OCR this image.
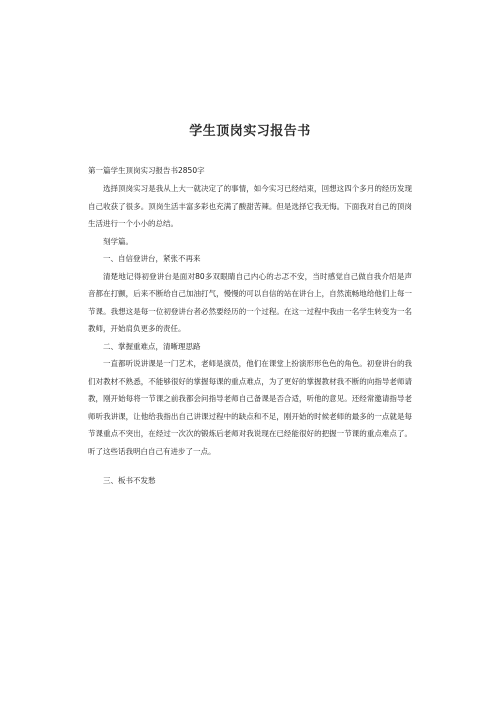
学生顶岗实习报告书

第一篇学生顶岗实习报告书2850字

选择顶岗实习是我从上大一就决定了的事情，如今实习已经结束，回想这四个多月的经历发现自己收获了很多。顶岗生活丰富多彩也充满了酸甜苦辣。但是选择它我无悔。下面我对自己的顶岗生活进行一个小小的总结。

刻学篇。

一、自信登讲台，紧张不再来

清楚地记得初登讲台是面对80多双眼睛自己内心的忐忑不安，当时感觉自己做自我介绍是声音都在打颤，后来不断给自己加油打气，慢慢的可以自信的站在讲台上，自然流畅地给他们上每一节课。我想这是每一位初登讲台者必然要经历的一个过程。在这一过程中我由一名学生转变为一名教师，开始肩负更多的责任。

二、掌握重难点，清晰理思路

一直都听说讲课是一门艺术，老师是演员，他们在课堂上扮演形形色色的角色。初登讲台的我们对教材不熟悉，不能够很好的掌握每课的重点难点，为了更好的掌握教材我不断的向指导老师请教，刚开始每将一节课之前我都会问指导老师自己备课是否合适，听他的意见。还经常邀请指导老师听我讲课，让他给我指出自己讲课过程中的缺点和不足，刚开始的时候老师的最多的一点就是每节课重点不突出，在经过一次次的锻炼后老师对我说现在已经能很好的把握一节课的重点难点了。听了这些话我明白自己有进步了一点。

三、板书不发愁
